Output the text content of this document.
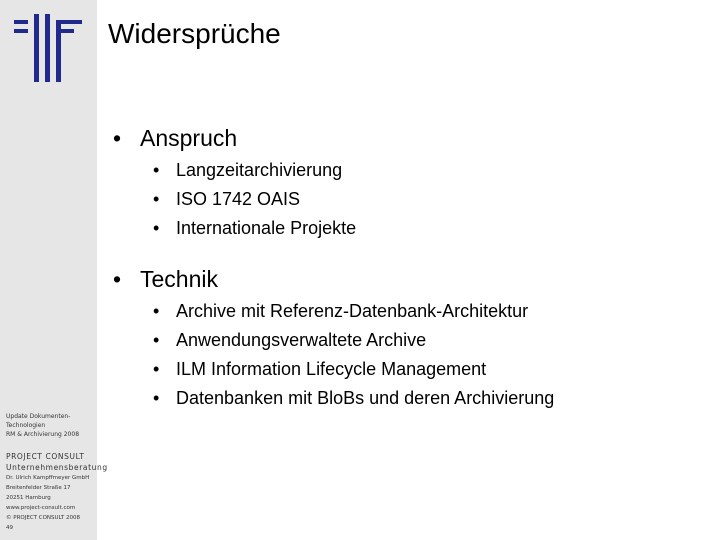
Update Dokumenten-
Technologien
RM & Archivierung 2008
PROJECT CONSULT
Unternehmensberatung
Dr. Ulrich Kampffmeyer GmbH
Breitenfelder Straße 17
20251 Hamburg
www.project-consult.com
© PROJECT CONSULT 2008
49
Widersprüche
• Anspruch
• Langzeitarchivierung
• ISO 1742 OAIS
• Internationale Projekte
• Technik
• Archive mit Referenz-Datenbank-Architektur
• Anwendungsverwaltete Archive
• ILM Information Lifecycle Management
• Datenbanken mit BloBs und deren Archivierung
